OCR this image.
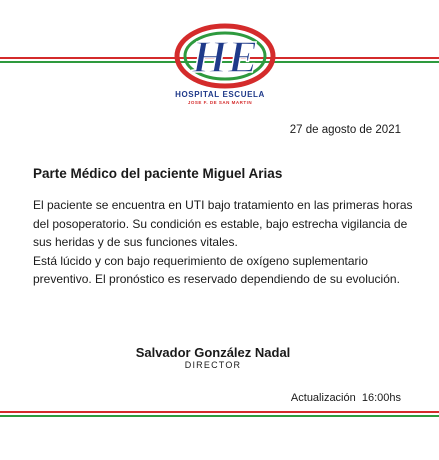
HE
HOSPITAL ESCUELA
JOSE F. DE SAN MARTIN
27 de agosto de 2021
Parte Médico del paciente Miguel Arias

El paciente se encuentra en UTI bajo tratamiento en las primeras horas del posoperatorio. Su condición es estable, bajo estrecha vigilancia de sus heridas y de sus funciones vitales.

Está lúcido y con bajo requerimiento de oxígeno suplementario preventivo. El pronóstico es reservado dependiendo de su evolución.

Salvador González Nadal
DIRECTOR
Actualización  16:00hs
